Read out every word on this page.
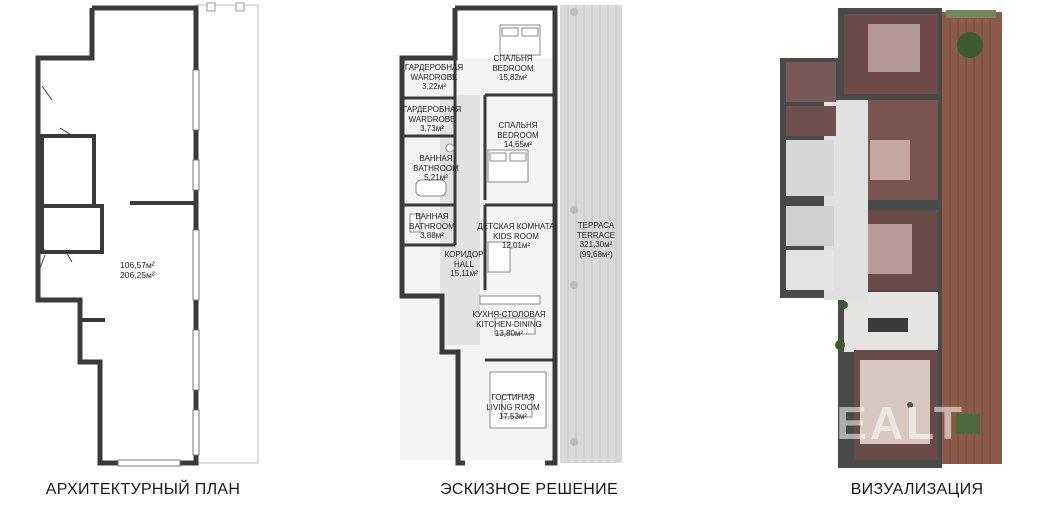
106,57м²
206,25м²
АРХИТЕКТУРНЫЙ ПЛАН
ГАРДЕРОБНАЯ
WARDROBE
3,22м²
ГАРДЕРОБНАЯ
WARDROBE
3,73м²
СПАЛЬНЯ
BEDROOM
15,82м²
СПАЛЬНЯ
BEDROOM
14,65м²
ВАННАЯ
BATHROOM
5,21м²
ВАННАЯ
BATHROOM
3,88м²
ДЕТСКАЯ КОМНАТА
KIDS ROOM
12,01м²
КОРИДОР
HALL
15,11м²
КУХНЯ-СТОЛОВАЯ
KITCHEN-DINING
13,80м²
ГОСТИНАЯ
LIVING ROOM
17,53м²
ТЕРРАСА
TERRACE
321,30м²
(99,68м²)
ЭСКИЗНОЕ РЕШЕНИЕ
REALT
ВИЗУАЛИЗАЦИЯ
